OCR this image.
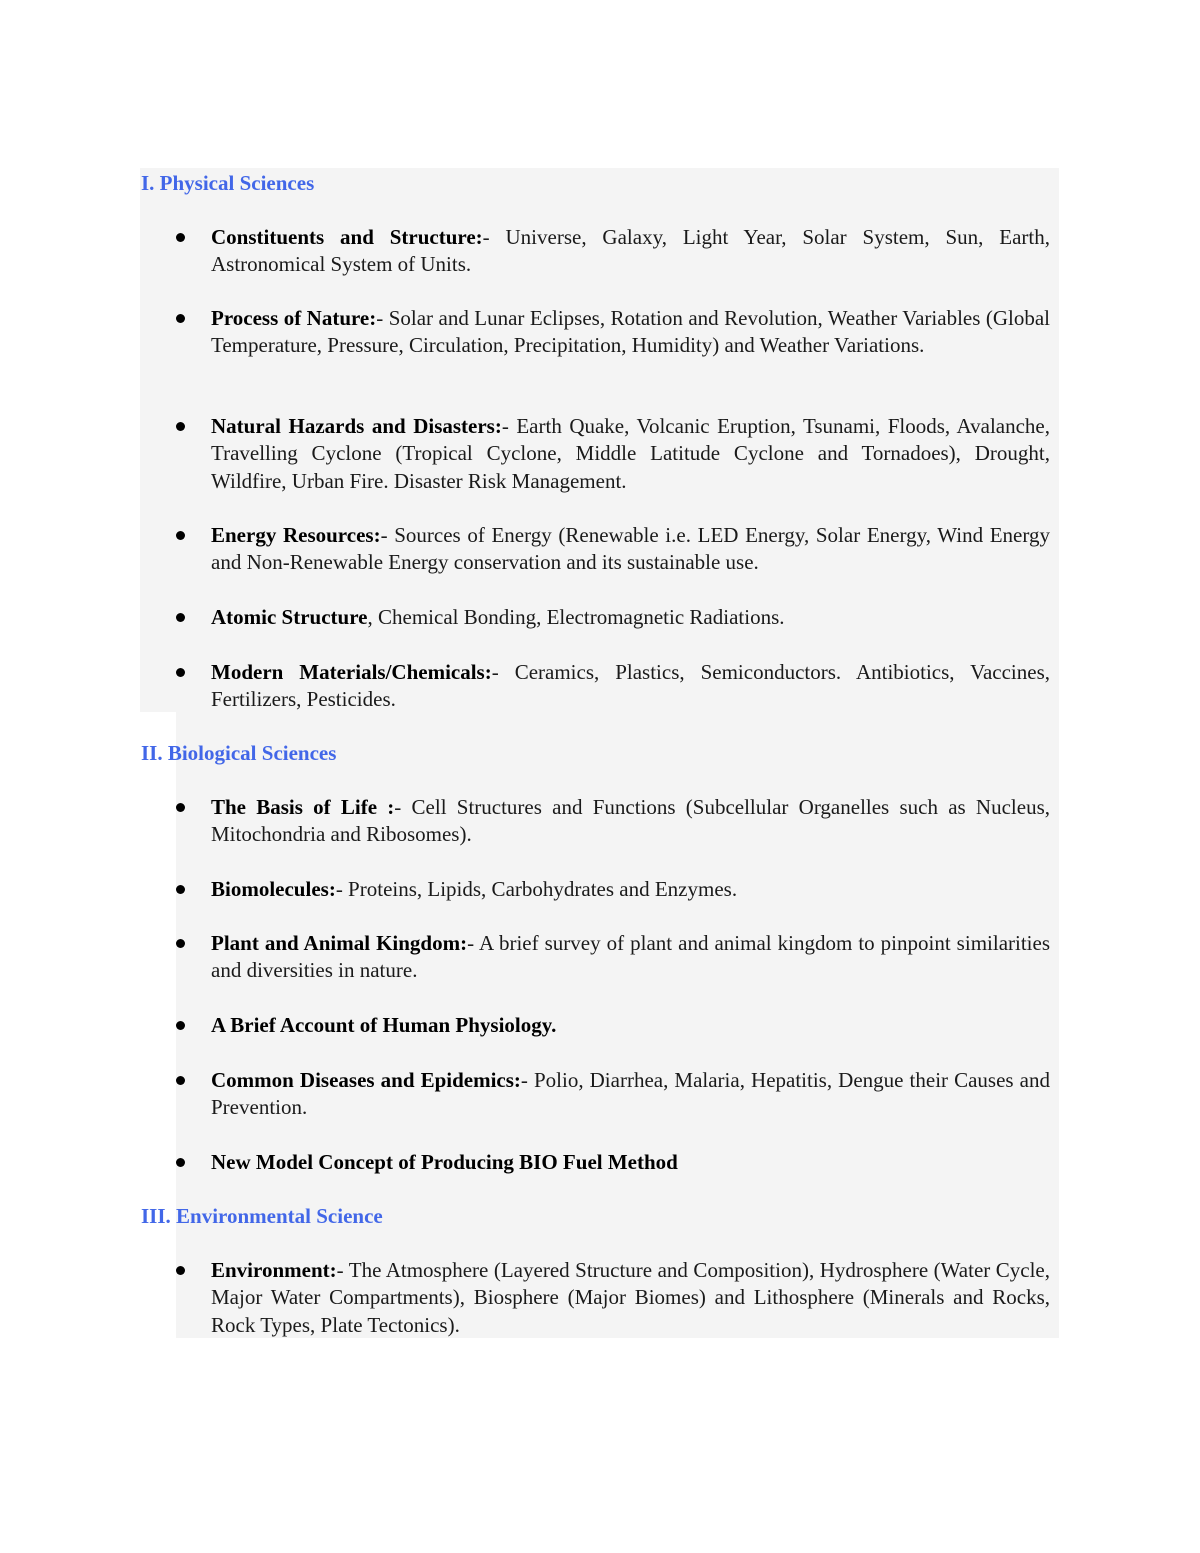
I. Physical Sciences
Constituents and Structure:- Universe, Galaxy, Light Year, Solar System, Sun, Earth, Astronomical System of Units.
Process of Nature:- Solar and Lunar Eclipses, Rotation and Revolution, Weather Variables (Global Temperature, Pressure, Circulation, Precipitation, Humidity) and Weather Variations.
Natural Hazards and Disasters:- Earth Quake, Volcanic Eruption, Tsunami, Floods, Avalanche, Travelling Cyclone (Tropical Cyclone, Middle Latitude Cyclone and Tornadoes), Drought, Wildfire, Urban Fire. Disaster Risk Management.
Energy Resources:- Sources of Energy (Renewable i.e. LED Energy, Solar Energy, Wind Energy and Non-Renewable Energy conservation and its sustainable use.
Atomic Structure, Chemical Bonding, Electromagnetic Radiations.
Modern Materials/Chemicals:- Ceramics, Plastics, Semiconductors. Antibiotics, Vaccines, Fertilizers, Pesticides.
II. Biological Sciences
The Basis of Life :- Cell Structures and Functions (Subcellular Organelles such as Nucleus, Mitochondria and Ribosomes).
Biomolecules:- Proteins, Lipids, Carbohydrates and Enzymes.
Plant and Animal Kingdom:- A brief survey of plant and animal kingdom to pinpoint similarities and diversities in nature.
A Brief Account of Human Physiology.
Common Diseases and Epidemics:- Polio, Diarrhea, Malaria, Hepatitis, Dengue their Causes and Prevention.
New Model Concept of Producing BIO Fuel Method
III. Environmental Science
Environment:- The Atmosphere (Layered Structure and Composition), Hydrosphere (Water Cycle, Major Water Compartments), Biosphere (Major Biomes) and Lithosphere (Minerals and Rocks, Rock Types, Plate Tectonics).
